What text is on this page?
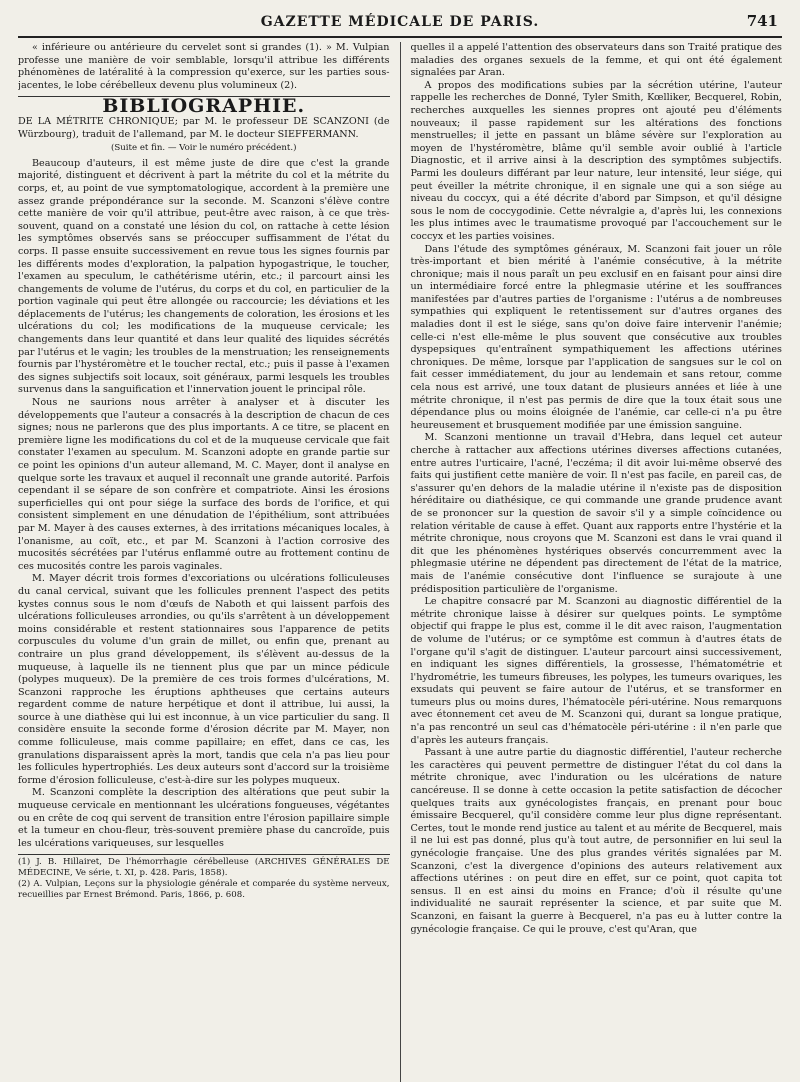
GAZETTE MÉDICALE DE PARIS.	741

« inférieure ou antérieure du cervelet sont si grandes (1). » M. Vulpian professe une manière de voir semblable, lorsqu'il attribue les différents phénomènes de latéralité à la compression qu'exerce, sur les parties sous-jacentes, le lobe cérébelleux devenu plus volumineux (2).

BIBLIOGRAPHIE.

DE LA MÉTRITE CHRONIQUE; par M. le professeur DE SCANZONI (de Würzbourg), traduit de l'allemand, par M. le docteur SIEFFERMANN.

(Suite et fin. — Voir le numéro précédent.)

Beaucoup d'auteurs, il est même juste de dire que c'est la grande majorité, distinguent et décrivent à part la métrite du col et la métrite du corps, et, au point de vue symptomatologique, accordent à la première une assez grande prépondérance sur la seconde. M. Scanzoni s'élève contre cette manière de voir qu'il attribue, peut-être avec raison, à ce que très-souvent, quand on a constaté une lésion du col, on rattache à cette lésion les symptômes observés sans se préoccuper suffisamment de l'état du corps. Il passe ensuite successivement en revue tous les signes fournis par les différents modes d'exploration, la palpation hypogastrique, le toucher, l'examen au speculum, le cathétérisme utérin, etc.; il parcourt ainsi les changements de volume de l'utérus, du corps et du col, en particulier de la portion vaginale qui peut être allongée ou raccourcie; les déviations et les déplacements de l'utérus; les changements de coloration, les érosions et les ulcérations du col; les modifications de la muqueuse cervicale; les changements dans leur quantité et dans leur qualité des liquides sécrétés par l'utérus et le vagin; les troubles de la menstruation; les renseignements fournis par l'hystéromètre et le toucher rectal, etc.; puis il passe à l'examen des signes subjectifs soit locaux, soit généraux, parmi lesquels les troubles survenus dans la sanguification et l'innervation jouent le principal rôle.

Nous ne saurions nous arrêter à analyser et à discuter les développements que l'auteur a consacrés à la description de chacun de ces signes; nous ne parlerons que des plus importants. A ce titre, se placent en première ligne les modifications du col et de la muqueuse cervicale que fait constater l'examen au speculum. M. Scanzoni adopte en grande partie sur ce point les opinions d'un auteur allemand, M. C. Mayer, dont il analyse en quelque sorte les travaux et auquel il reconnaît une grande autorité. Parfois cependant il se sépare de son confrère et compatriote. Ainsi les érosions superficielles qui ont pour siége la surface des bords de l'orifice, et qui consistent simplement en une dénudation de l'épithélium, sont attribuées par M. Mayer à des causes externes, à des irritations mécaniques locales, à l'onanisme, au coït, etc., et par M. Scanzoni à l'action corrosive des mucosités sécrétées par l'utérus enflammé outre au frottement continu de ces mucosités contre les parois vaginales.

M. Mayer décrit trois formes d'excoriations ou ulcérations folliculeuses du canal cervical, suivant que les follicules prennent l'aspect des petits kystes connus sous le nom d'œufs de Naboth et qui laissent parfois des ulcérations folliculeuses arrondies, ou qu'ils s'arrêtent à un développement moins considérable et restent stationnaires sous l'apparence de petits corpuscules du volume d'un grain de millet, ou enfin que, prenant au contraire un plus grand développement, ils s'élèvent au-dessus de la muqueuse, à laquelle ils ne tiennent plus que par un mince pédicule (polypes muqueux). De la première de ces trois formes d'ulcérations, M. Scanzoni rapproche les éruptions aphtheuses que certains auteurs regardent comme de nature herpétique et dont il attribue, lui aussi, la source à une diathèse qui lui est inconnue, à un vice particulier du sang. Il considère ensuite la seconde forme d'érosion décrite par M. Mayer, non comme folliculeuse, mais comme papillaire; en effet, dans ce cas, les granulations disparaissent après la mort, tandis que cela n'a pas lieu pour les follicules hypertrophiés. Les deux auteurs sont d'accord sur la troisième forme d'érosion folliculeuse, c'est-à-dire sur les polypes muqueux.

M. Scanzoni complète la description des altérations que peut subir la muqueuse cervicale en mentionnant les ulcérations fongueuses, végétantes ou en crête de coq qui servent de transition entre l'érosion papillaire simple et la tumeur en chou-fleur, très-souvent première phase du cancroïde, puis les ulcérations variqueuses, sur lesquelles

(1) J. B. Hillairet, De l'hémorrhagie cérébelleuse (ARCHIVES GÉNÉRALES DE MÉDECINE, Ve série, t. XI, p. 428. Paris, 1858).

(2) A. Vulpian, Leçons sur la physiologie générale et comparée du système nerveux, recueillies par Ernest Brémond. Paris, 1866, p. 608.

quelles il a appelé l'attention des observateurs dans son Traité pratique des maladies des organes sexuels de la femme, et qui ont été également signalées par Aran.

A propos des modifications subies par la sécrétion utérine, l'auteur rappelle les recherches de Donné, Tyler Smith, Kœlliker, Becquerel, Robin, recherches auxquelles les siennes propres ont ajouté peu d'éléments nouveaux; il passe rapidement sur les altérations des fonctions menstruelles; il jette en passant un blâme sévère sur l'exploration au moyen de l'hystéromètre, blâme qu'il semble avoir oublié à l'article Diagnostic, et il arrive ainsi à la description des symptômes subjectifs. Parmi les douleurs différant par leur nature, leur intensité, leur siége, qui peut éveiller la métrite chronique, il en signale une qui a son siége au niveau du coccyx, qui a été décrite d'abord par Simpson, et qu'il désigne sous le nom de coccygodinie. Cette névralgie a, d'après lui, les connexions les plus intimes avec le traumatisme provoqué par l'accouchement sur le coccyx et les parties voisines.

Dans l'étude des symptômes généraux, M. Scanzoni fait jouer un rôle très-important et bien mérité à l'anémie consécutive, à la métrite chronique; mais il nous paraît un peu exclusif en en faisant pour ainsi dire un intermédiaire forcé entre la phlegmasie utérine et les souffrances manifestées par d'autres parties de l'organisme : l'utérus a de nombreuses sympathies qui expliquent le retentissement sur d'autres organes des maladies dont il est le siége, sans qu'on doive faire intervenir l'anémie; celle-ci n'est elle-même le plus souvent que consécutive aux troubles dyspepsiques qu'entraînent sympathiquement les affections utérines chroniques. De même, lorsque par l'application de sangsues sur le col on fait cesser immédiatement, du jour au lendemain et sans retour, comme cela nous est arrivé, une toux datant de plusieurs années et liée à une métrite chronique, il n'est pas permis de dire que la toux était sous une dépendance plus ou moins éloignée de l'anémie, car celle-ci n'a pu être heureusement et brusquement modifiée par une émission sanguine.

M. Scanzoni mentionne un travail d'Hebra, dans lequel cet auteur cherche à rattacher aux affections utérines diverses affections cutanées, entre autres l'urticaire, l'acné, l'eczéma; il dit avoir lui-même observé des faits qui justifient cette manière de voir. Il n'est pas facile, en pareil cas, de s'assurer qu'en dehors de la maladie utérine il n'existe pas de disposition héréditaire ou diathésique, ce qui commande une grande prudence avant de se prononcer sur la question de savoir s'il y a simple coïncidence ou relation véritable de cause à effet. Quant aux rapports entre l'hystérie et la métrite chronique, nous croyons que M. Scanzoni est dans le vrai quand il dit que les phénomènes hystériques observés concurremment avec la phlegmasie utérine ne dépendent pas directement de l'état de la matrice, mais de l'anémie consécutive dont l'influence se surajoute à une prédisposition particulière de l'organisme.

Le chapitre consacré par M. Scanzoni au diagnostic différentiel de la métrite chronique laisse à désirer sur quelques points. Le symptôme objectif qui frappe le plus est, comme il le dit avec raison, l'augmentation de volume de l'utérus; or ce symptôme est commun à d'autres états de l'organe qu'il s'agit de distinguer. L'auteur parcourt ainsi successivement, en indiquant les signes différentiels, la grossesse, l'hématométrie et l'hydrométrie, les tumeurs fibreuses, les polypes, les tumeurs ovariques, les exsudats qui peuvent se faire autour de l'utérus, et se transformer en tumeurs plus ou moins dures, l'hématocèle péri-utérine. Nous remarquons avec étonnement cet aveu de M. Scanzoni qui, durant sa longue pratique, n'a pas rencontré un seul cas d'hématocèle péri-utérine : il n'en parle que d'après les auteurs français.

Passant à une autre partie du diagnostic différentiel, l'auteur recherche les caractères qui peuvent permettre de distinguer l'état du col dans la métrite chronique, avec l'induration ou les ulcérations de nature cancéreuse. Il se donne à cette occasion la petite satisfaction de décocher quelques traits aux gynécologistes français, en prenant pour bouc émissaire Becquerel, qu'il considère comme leur plus digne représentant. Certes, tout le monde rend justice au talent et au mérite de Becquerel, mais il ne lui est pas donné, plus qu'à tout autre, de personnifier en lui seul la gynécologie française. Une des plus grandes vérités signalées par M. Scanzoni, c'est la divergence d'opinions des auteurs relativement aux affections utérines : on peut dire en effet, sur ce point, quot capita tot sensus. Il en est ainsi du moins en France; d'où il résulte qu'une individualité ne saurait représenter la science, et par suite que M. Scanzoni, en faisant la guerre à Becquerel, n'a pas eu à lutter contre la gynécologie française. Ce qui le prouve, c'est qu'Aran, que
